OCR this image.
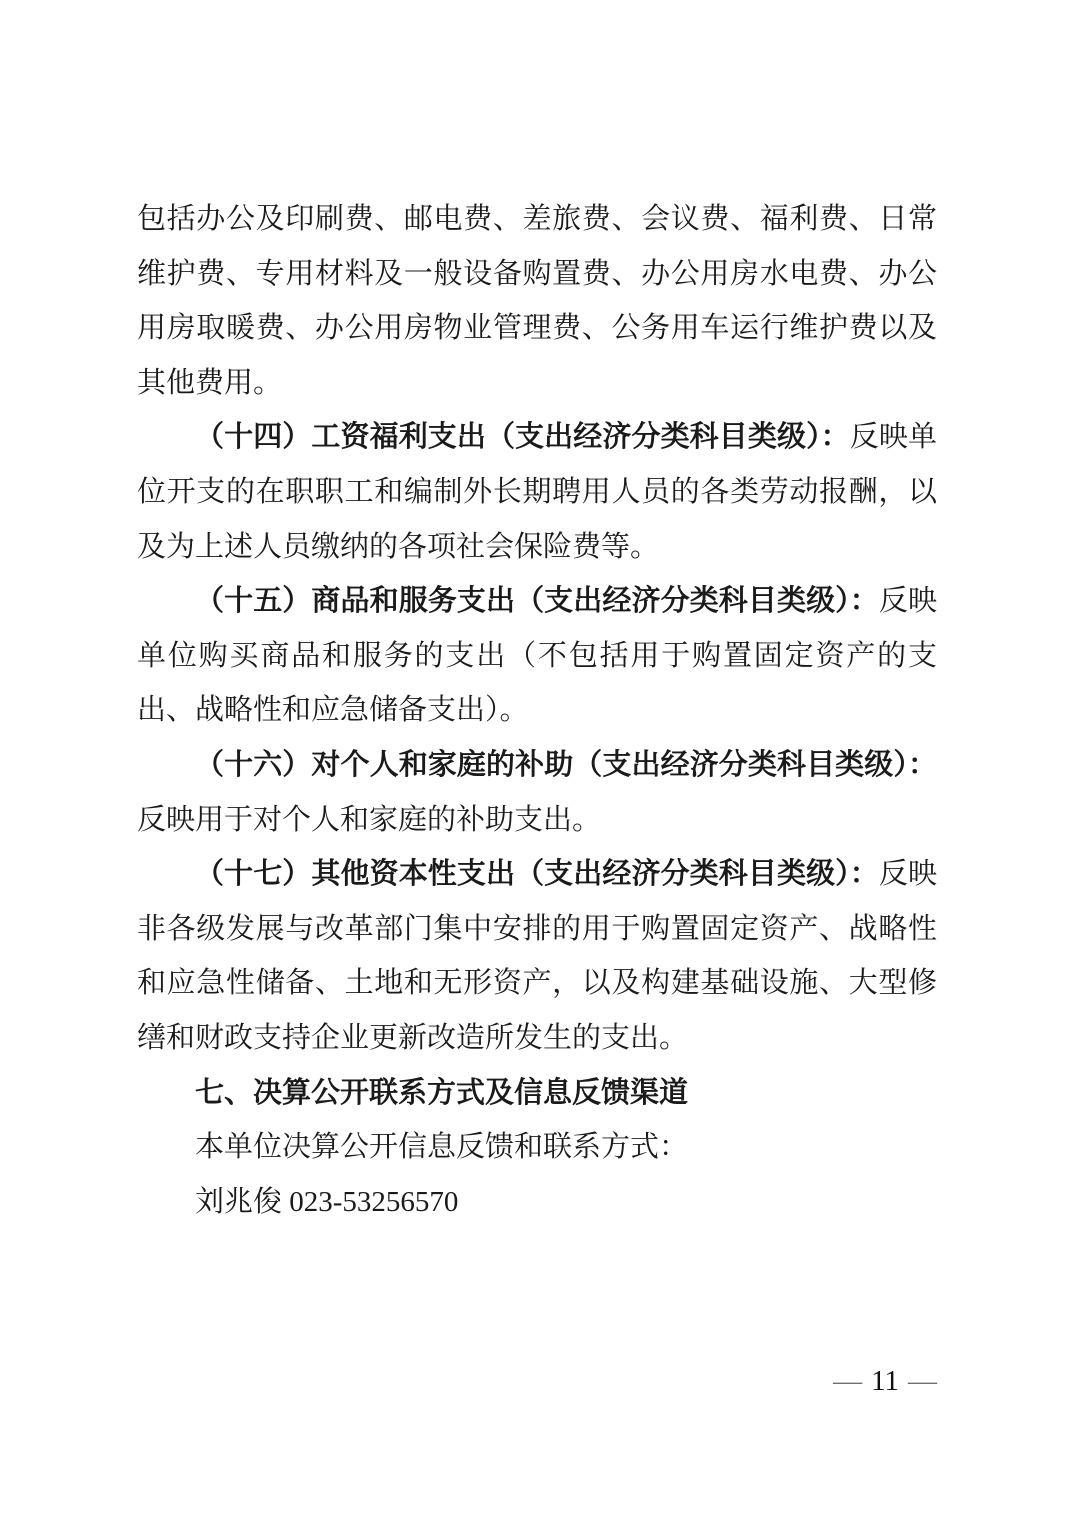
包括办公及印刷费、邮电费、差旅费、会议费、福利费、日常维护费、专用材料及一般设备购置费、办公用房水电费、办公用房取暖费、办公用房物业管理费、公务用车运行维护费以及其他费用。

（十四）工资福利支出（支出经济分类科目类级）：反映单位开支的在职职工和编制外长期聘用人员的各类劳动报酬，以及为上述人员缴纳的各项社会保险费等。

（十五）商品和服务支出（支出经济分类科目类级）：反映单位购买商品和服务的支出（不包括用于购置固定资产的支出、战略性和应急储备支出）。

（十六）对个人和家庭的补助（支出经济分类科目类级）：反映用于对个人和家庭的补助支出。

（十七）其他资本性支出（支出经济分类科目类级）：反映非各级发展与改革部门集中安排的用于购置固定资产、战略性和应急性储备、土地和无形资产，以及构建基础设施、大型修缮和财政支持企业更新改造所发生的支出。

七、决算公开联系方式及信息反馈渠道

本单位决算公开信息反馈和联系方式：

刘兆俊 023-53256570

— 11 —
